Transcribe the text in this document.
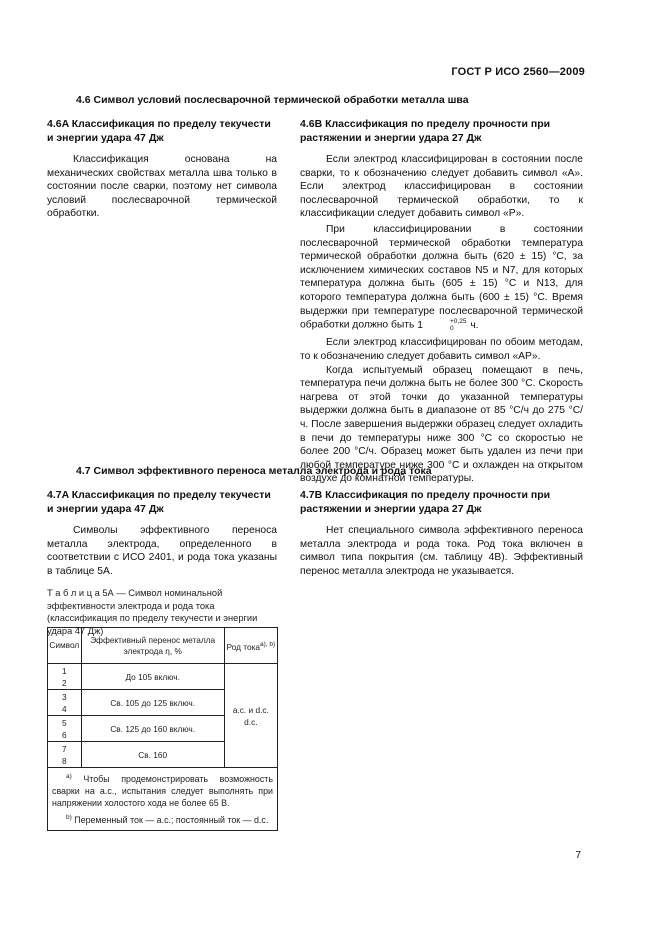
ГОСТ Р ИСО 2560—2009
4.6 Символ условий послесварочной термической обработки металла шва
4.6A Классификация по пределу текучести и энергии удара 47 Дж

Классификация основана на механических свойствах металла шва только в состоянии после сварки, поэтому нет символа условий послесварочной термической обработки.

4.6B Классификация по пределу прочности при растяжении и энергии удара 27 Дж

Если электрод классифицирован в состоянии после сварки, то к обозначению следует добавить символ «A». Если электрод классифицирован в состоянии послесварочной термической обработки, то к классификации следует добавить символ «P».

При классифицировании в состоянии послесварочной термической обработки температура термической обработки должна быть (620 ± 15) °C, за исключением химических составов N5 и N7, для которых температура должна быть (605 ± 15) °C и N13, для которого температура должна быть (600 ± 15) °C. Время выдержки при температуре послесварочной термической обработки должно быть 1	+0,25
0	ч.

Если электрод классифицирован по обоим методам, то к обозначению следует добавить символ «AP».

Когда испытуемый образец помещают в печь, температура печи должна быть не более 300 °C. Скорость нагрева от этой точки до указанной температуры выдержки должна быть в диапазоне от 85 °C/ч до 275 °C/ч. После завершения выдержки образец следует охладить в печи до температуры ниже 300 °C со скоростью не более 200 °C/ч. Образец может быть удален из печи при любой температуре ниже 300 °C и охлажден на открытом воздухе до комнатной температуры.

4.7 Символ эффективного переноса металла электрода и рода тока
4.7A Классификация по пределу текучести и энергии удара 47 Дж

Символы эффективного переноса металла электрода, определенного в соответствии с ИСО 2401, и рода тока указаны в таблице 5A.

4.7B Классификация по пределу прочности при растяжении и энергии удара 27 Дж

Нет специального символа эффективного переноса металла электрода и рода тока. Род тока включен в символ типа покрытия (см. таблицу 4B). Эффективный перенос металла электрода не указывается.

Т а б л и ц а 5А — Символ номинальной эффективности электрода и рода тока (классификация по пределу текучести и энергии удара 47 Дж)
Символ	Эффективный перенос металла электрода η, %	Род тока$^{a), b)}$
1
2	До 105 включ.	a.c. и d.c.
d.c.
3
4	Св. 105 до 125 включ.	
5
6	Св. 125 до 160 включ.	
7
8	Св. 160	

$^{a)}$ Чтобы продемонстрировать возможность сварки на a.c., испытания следует выполнять при напряжении холостого хода не более 65 В.
$^{b)}$ Переменный ток — a.c.; постоянный ток — d.c.		
7
